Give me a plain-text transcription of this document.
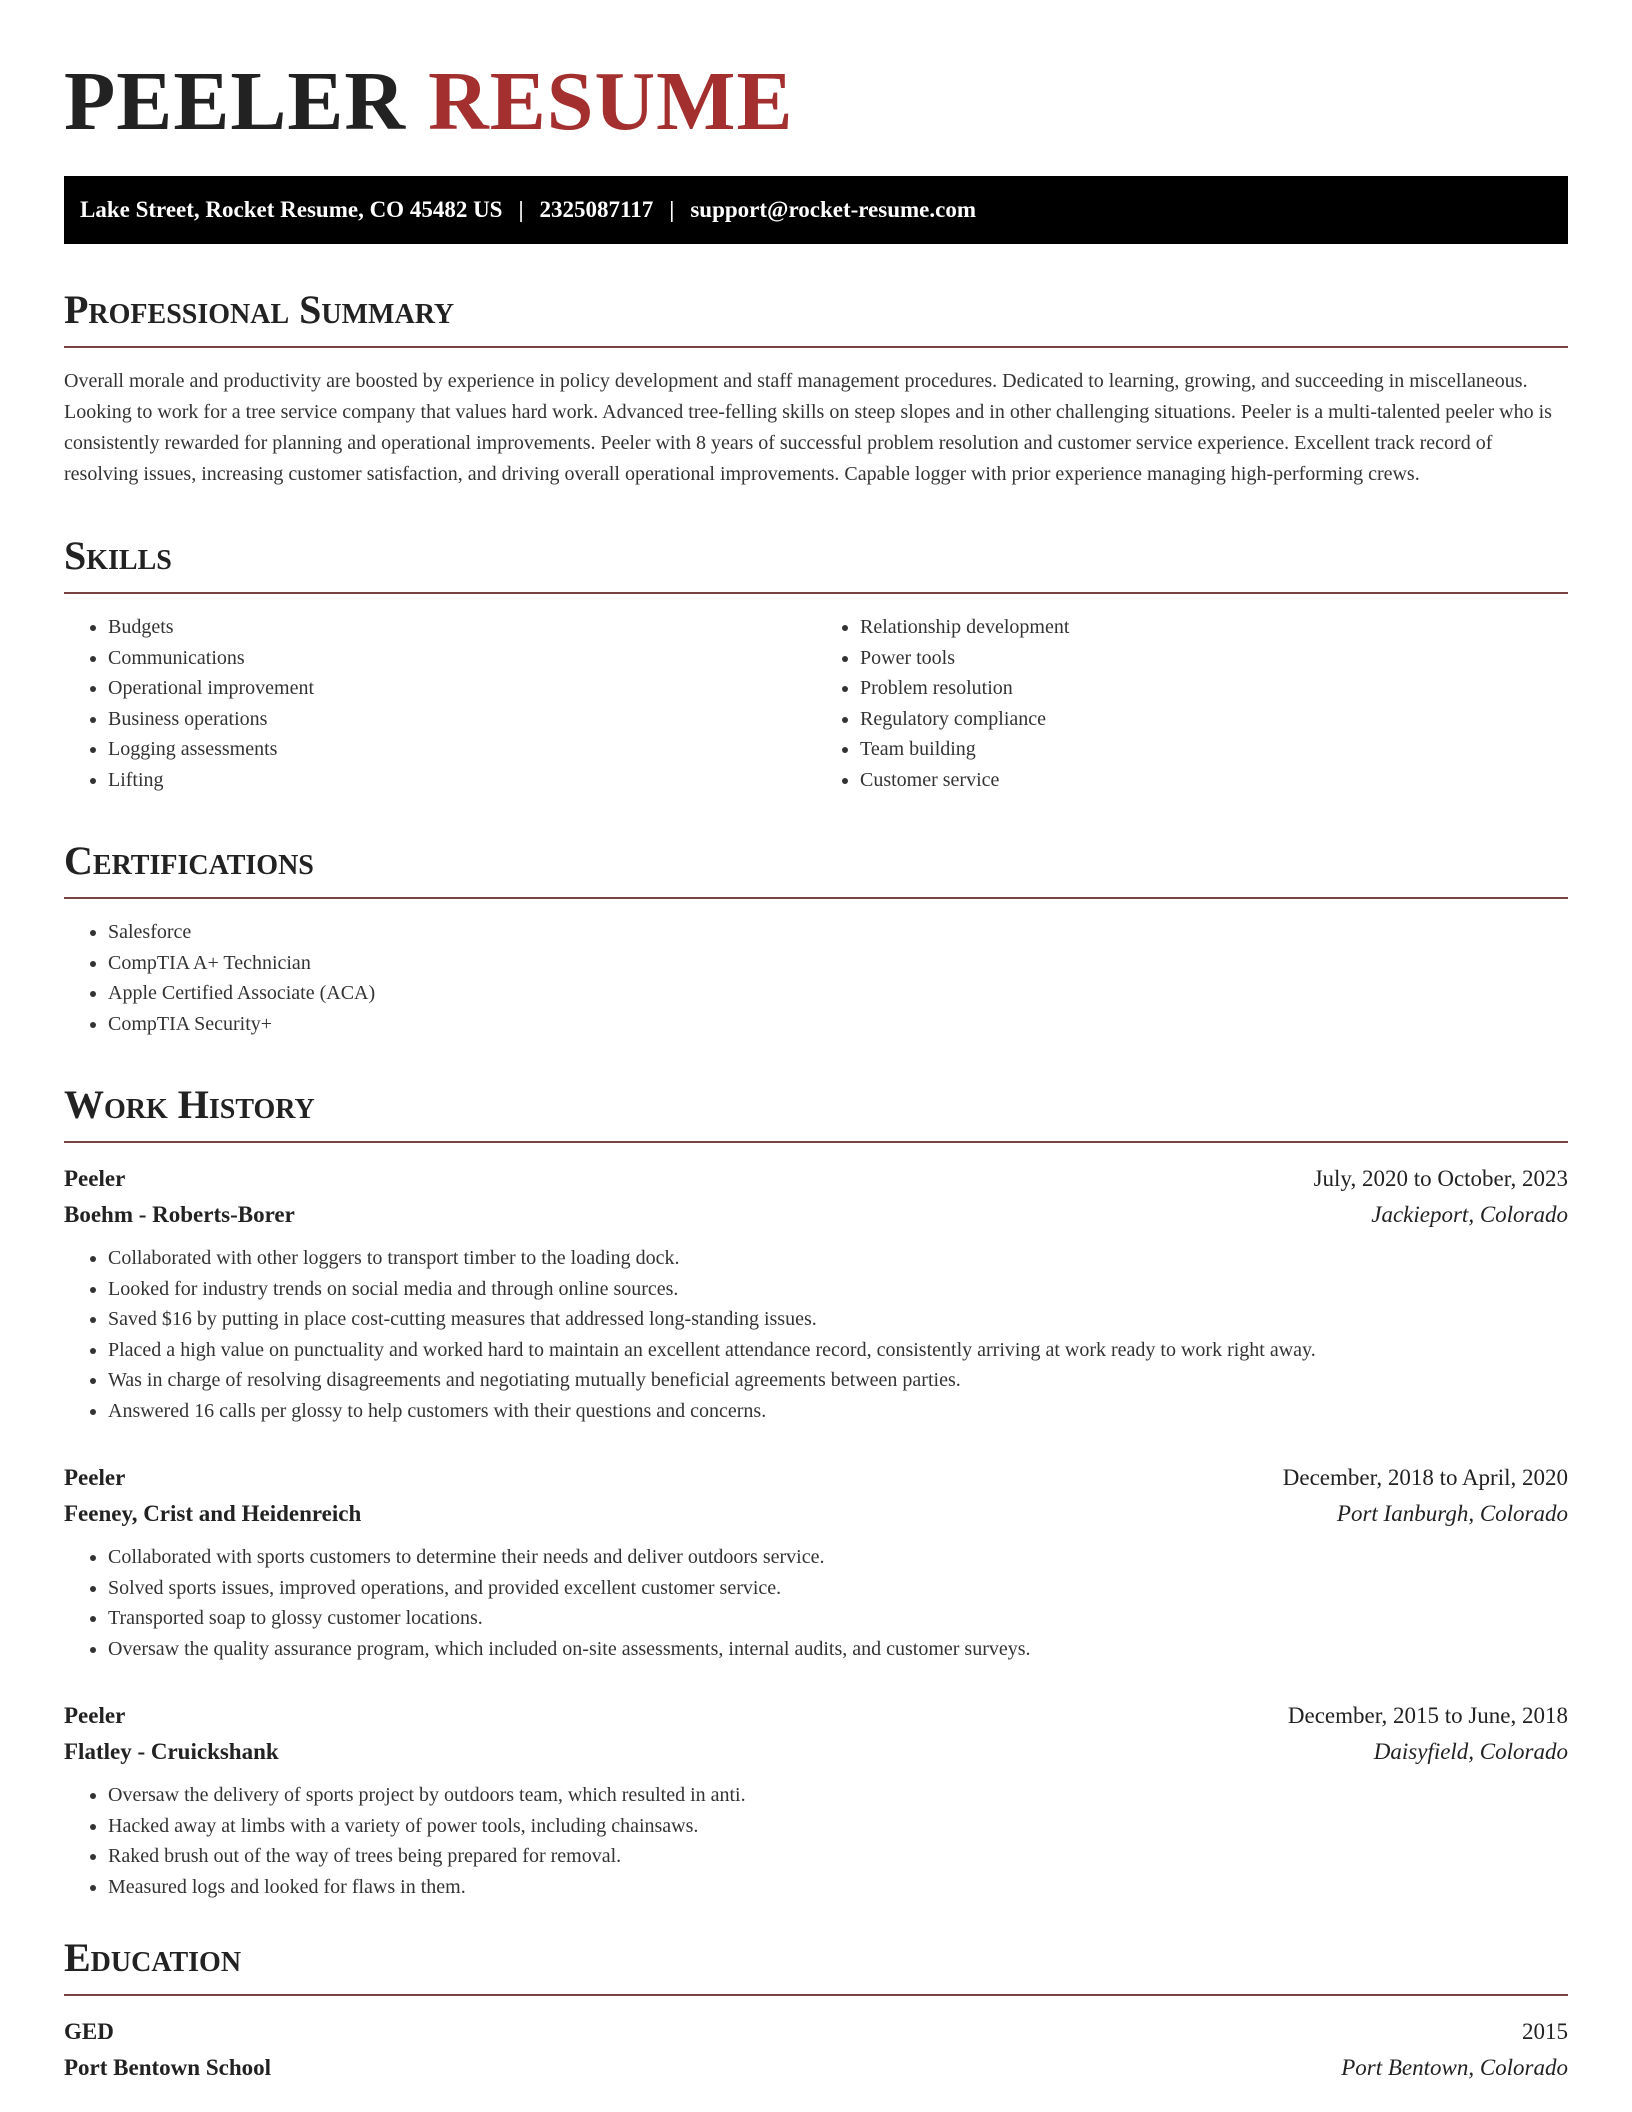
PEELER RESUME
Lake Street, Rocket Resume, CO 45482 US | 2325087117 | support@rocket-resume.com
Professional Summary

Overall morale and productivity are boosted by experience in policy development and staff management procedures. Dedicated to learning, growing, and succeeding in miscellaneous. Looking to work for a tree service company that values hard work. Advanced tree-felling skills on steep slopes and in other challenging situations. Peeler is a multi-talented peeler who is consistently rewarded for planning and operational improvements. Peeler with 8 years of successful problem resolution and customer service experience. Excellent track record of resolving issues, increasing customer satisfaction, and driving overall operational improvements. Capable logger with prior experience managing high-performing crews.

Skills
• Budgets
• Communications
• Operational improvement
• Business operations
• Logging assessments
• Lifting
• Relationship development
• Power tools
• Problem resolution
• Regulatory compliance
• Team building
• Customer service
Certifications
• Salesforce
• CompTIA A+ Technician
• Apple Certified Associate (ACA)
• CompTIA Security+
Work History
Peeler	July, 2020 to October, 2023
Boehm - Roberts-Borer	Jackieport, Colorado
• Collaborated with other loggers to transport timber to the loading dock.
• Looked for industry trends on social media and through online sources.
• Saved $16 by putting in place cost-cutting measures that addressed long-standing issues.
• Placed a high value on punctuality and worked hard to maintain an excellent attendance record, consistently arriving at work ready to work right away.
• Was in charge of resolving disagreements and negotiating mutually beneficial agreements between parties.
• Answered 16 calls per glossy to help customers with their questions and concerns.
Peeler	December, 2018 to April, 2020
Feeney, Crist and Heidenreich	Port Ianburgh, Colorado
• Collaborated with sports customers to determine their needs and deliver outdoors service.
• Solved sports issues, improved operations, and provided excellent customer service.
• Transported soap to glossy customer locations.
• Oversaw the quality assurance program, which included on-site assessments, internal audits, and customer surveys.
Peeler	December, 2015 to June, 2018
Flatley - Cruickshank	Daisyfield, Colorado
• Oversaw the delivery of sports project by outdoors team, which resulted in anti.
• Hacked away at limbs with a variety of power tools, including chainsaws.
• Raked brush out of the way of trees being prepared for removal.
• Measured logs and looked for flaws in them.
Education
GED	2015
Port Bentown School	Port Bentown, Colorado
